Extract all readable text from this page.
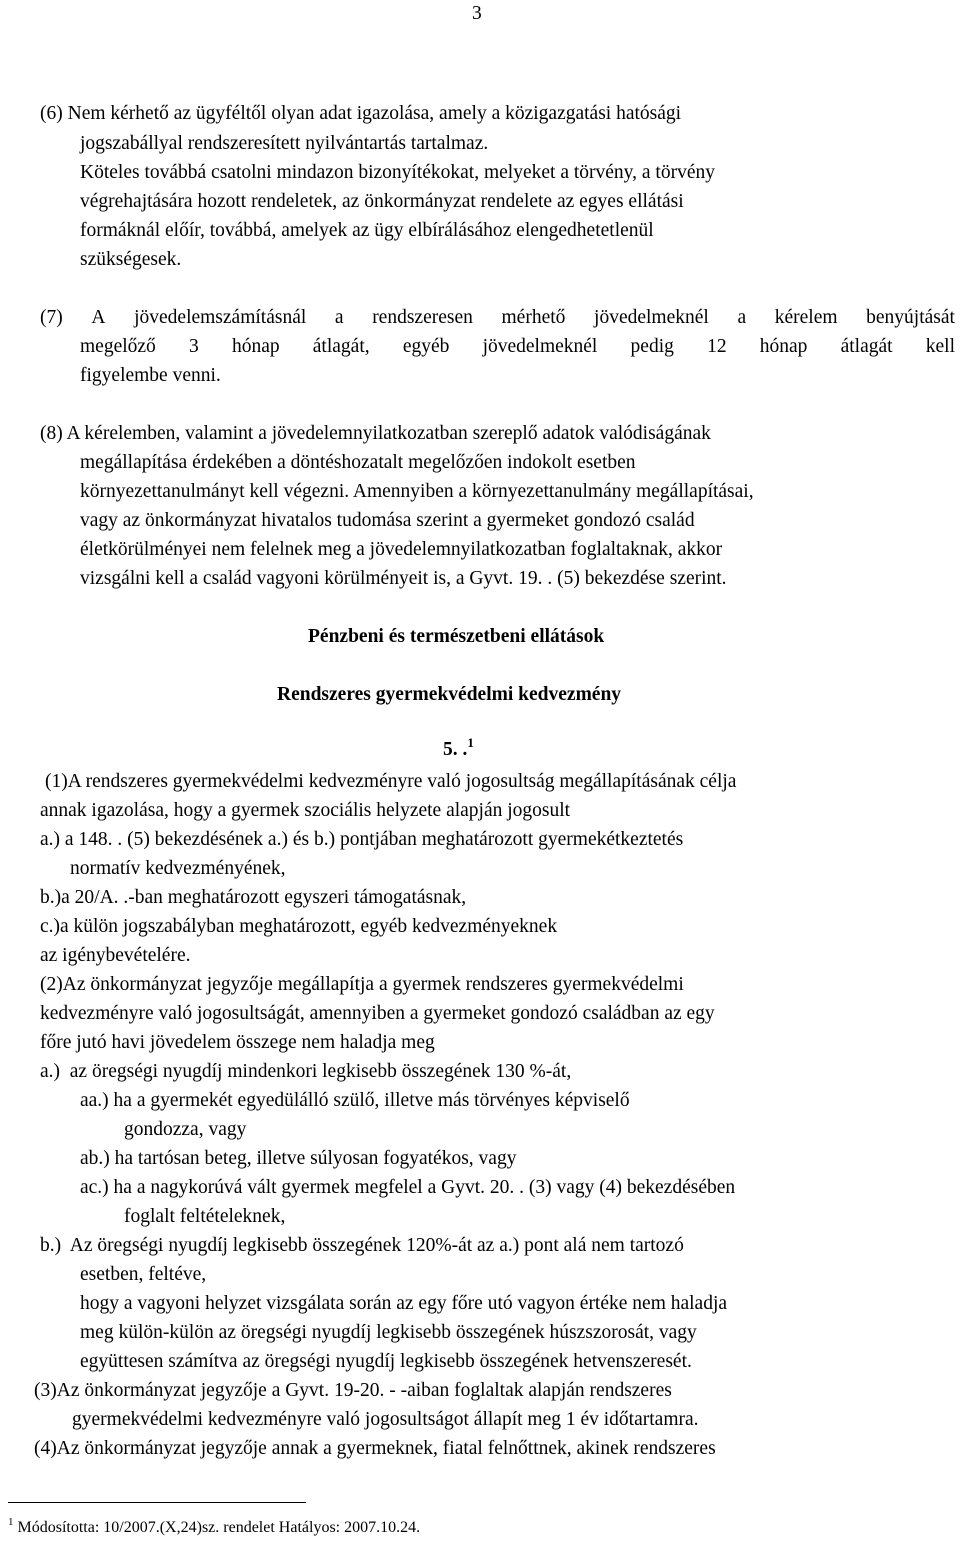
3
(6) Nem kérhető az ügyféltől olyan adat igazolása, amely a közigazgatási hatósági
jogszabállyal rendszeresített nyilvántartás tartalmaz.
Köteles továbbá csatolni mindazon bizonyítékokat, melyeket a törvény, a törvény
végrehajtására hozott rendeletek, az önkormányzat rendelete az egyes ellátási
formáknál előír, továbbá, amelyek az ügy elbírálásához elengedhetetlenül
szükségesek.
(7) A jövedelemszámításnál a rendszeresen mérhető jövedelmeknél a kérelem benyújtását
megelőző 3 hónap átlagát, egyéb jövedelmeknél pedig 12 hónap átlagát kell
figyelembe venni.
(8) A kérelemben, valamint a jövedelemnyilatkozatban szereplő adatok valódiságának
megállapítása érdekében a döntéshozatalt megelőzően indokolt esetben
környezettanulmányt kell végezni. Amennyiben a környezettanulmány megállapításai,
vagy az önkormányzat hivatalos tudomása szerint a gyermeket gondozó család
életkörülményei nem felelnek meg a jövedelemnyilatkozatban foglaltaknak, akkor
vizsgálni kell a család vagyoni körülményeit is, a Gyvt. 19. . (5) bekezdése szerint.
Pénzbeni és természetbeni ellátások
Rendszeres gyermekvédelmi kedvezmény
5. .$^1$
(1)A rendszeres gyermekvédelmi kedvezményre való jogosultság megállapításának célja
annak igazolása, hogy a gyermek szociális helyzete alapján jogosult
a.) a 148. . (5) bekezdésének a.) és b.) pontjában meghatározott gyermekétkeztetés
normatív kedvezményének,
b.)a 20/A. .-ban meghatározott egyszeri támogatásnak,
c.)a külön jogszabályban meghatározott, egyéb kedvezményeknek
az igénybevételére.
(2)Az önkormányzat jegyzője megállapítja a gyermek rendszeres gyermekvédelmi
kedvezményre való jogosultságát, amennyiben a gyermeket gondozó családban az egy
főre jutó havi jövedelem összege nem haladja meg
a.)  az öregségi nyugdíj mindenkori legkisebb összegének 130 %-át,
aa.) ha a gyermekét egyedülálló szülő, illetve más törvényes képviselő
gondozza, vagy
ab.) ha tartósan beteg, illetve súlyosan fogyatékos, vagy
ac.) ha a nagykorúvá vált gyermek megfelel a Gyvt. 20. . (3) vagy (4) bekezdésében
foglalt feltételeknek,
b.)  Az öregségi nyugdíj legkisebb összegének 120%-át az a.) pont alá nem tartozó
esetben, feltéve,
hogy a vagyoni helyzet vizsgálata során az egy főre utó vagyon értéke nem haladja
meg külön-külön az öregségi nyugdíj legkisebb összegének húszszorosát, vagy
együttesen számítva az öregségi nyugdíj legkisebb összegének hetvenszeresét.
(3)Az önkormányzat jegyzője a Gyvt. 19-20. - -aiban foglaltak alapján rendszeres
gyermekvédelmi kedvezményre való jogosultságot állapít meg 1 év időtartamra.
(4)Az önkormányzat jegyzője annak a gyermeknek, fiatal felnőttnek, akinek rendszeres
$^1$ Módosította: 10/2007.(X,24)sz. rendelet Hatályos: 2007.10.24.
